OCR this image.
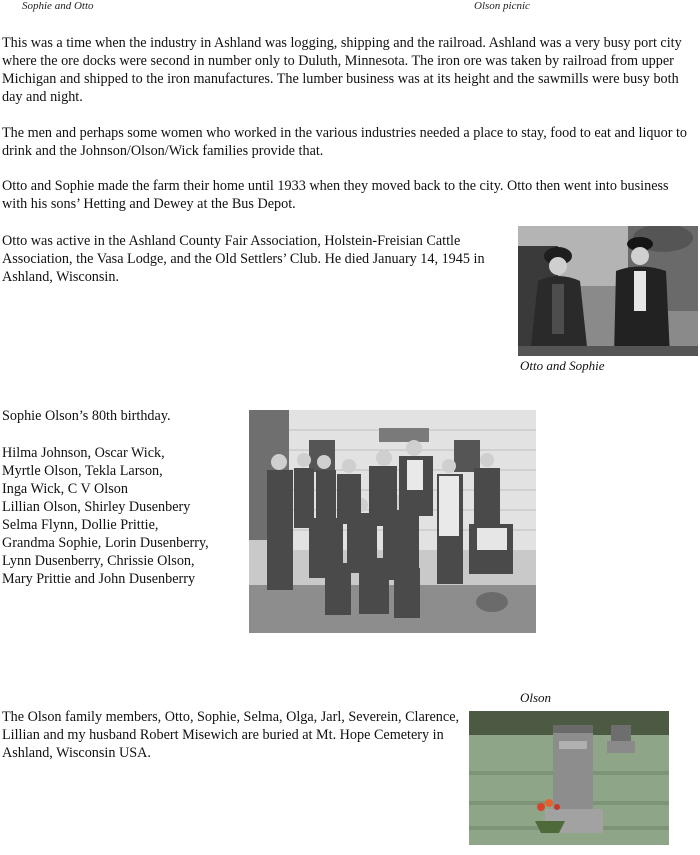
Sophie and Otto	Olson picnic

This was a time when the industry in Ashland was logging, shipping and the railroad. Ashland was a very busy port city where the ore docks were second in number only to Duluth, Minnesota. The iron ore was taken by railroad from upper Michigan and shipped to the iron manufactures. The lumber business was at its height and the sawmills were busy both day and night.

The men and perhaps some women who worked in the various industries needed a place to stay, food to eat and liquor to drink and the Johnson/Olson/Wick families provide that.

Otto and Sophie made the farm their home until 1933 when they moved back to the city. Otto then went into business with his sons’ Hetting and Dewey at the Bus Depot.

Otto was active in the Ashland County Fair Association, Holstein-Freisian Cattle Association, the Vasa Lodge, and the Old Settlers’ Club. He died January 14, 1945 in Ashland, Wisconsin.

Otto and Sophie

Sophie Olson’s 80th birthday.

Hilma Johnson, Oscar Wick,
Myrtle Olson, Tekla Larson,
Inga Wick, C V Olson
Lillian Olson, Shirley Dusenbery
Selma Flynn, Dollie Prittie,
Grandma Sophie, Lorin Dusenberry,
Lynn Dusenberry, Chrissie Olson,
Mary Prittie and John Dusenberry
Olson

The Olson family members, Otto, Sophie, Selma, Olga, Jarl, Severein, Clarence, Lillian and my husband Robert Misewich are buried at Mt. Hope Cemetery in Ashland, Wisconsin USA.
